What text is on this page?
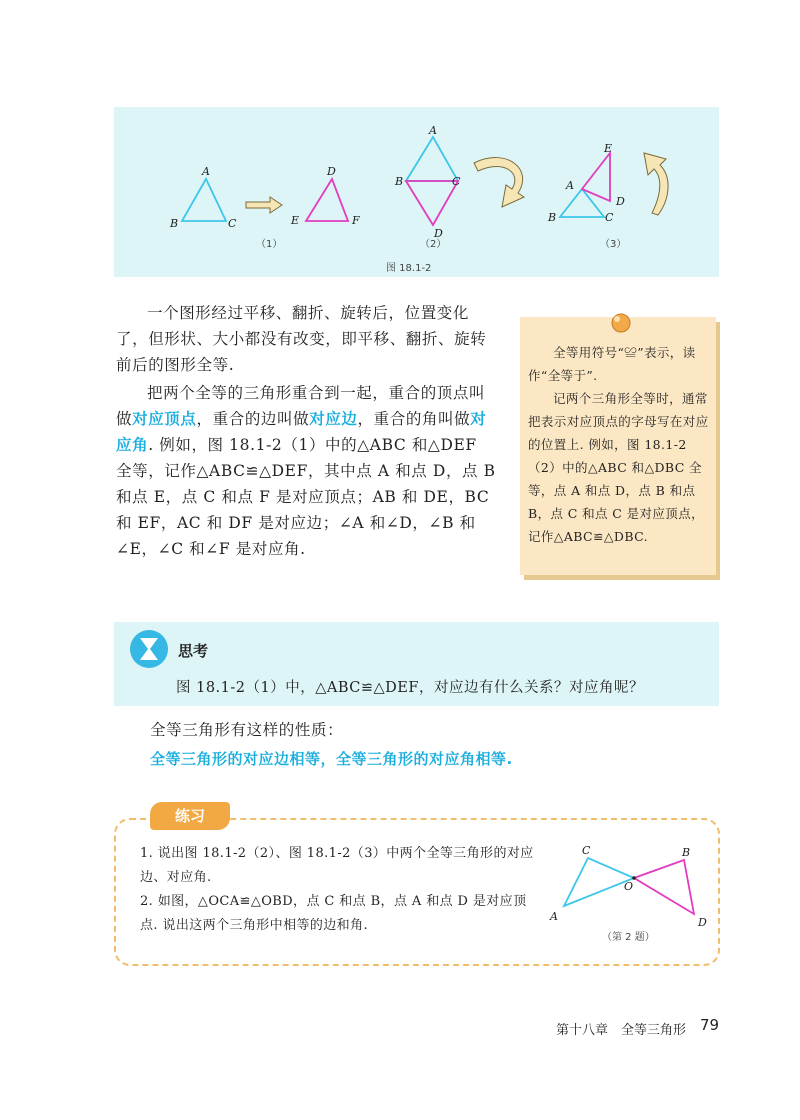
A
B	C
D
E	F
（1）
A
B	C
D
（2）
E
A
D
B	C
（3）
图 18.1-2
一个图形经过平移、翻折、旋转后，位置变化了，但形状、大小都没有改变，即平移、翻折、旋转前后的图形全等.
把两个全等的三角形重合到一起，重合的顶点叫做对应顶点，重合的边叫做对应边，重合的角叫做对应角. 例如，图 18.1-2（1）中的△ABC 和△DEF 全等，记作△ABC≌△DEF，其中点 A 和点 D，点 B 和点 E，点 C 和点 F 是对应顶点；AB 和 DE，BC 和 EF，AC 和 DF 是对应边；∠A 和∠D，∠B 和∠E，∠C 和∠F 是对应角.
全等用符号“≌”表示，读作“全等于”.
记两个三角形全等时，通常把表示对应顶点的字母写在对应的位置上. 例如，图 18.1-2（2）中的△ABC 和△DBC 全等，点 A 和点 D，点 B 和点 B，点 C 和点 C 是对应顶点，记作△ABC≌△DBC.
思考
图 18.1-2（1）中，△ABC≌△DEF，对应边有什么关系？对应角呢？
全等三角形有这样的性质：
全等三角形的对应边相等，全等三角形的对应角相等.
练习
1. 说出图 18.1-2（2）、图 18.1-2（3）中两个全等三角形的对应边、对应角.
2. 如图，△OCA≌△OBD，点 C 和点 B，点 A 和点 D 是对应顶点. 说出这两个三角形中相等的边和角.
C	B
O
A	D
（第 2 题）
第十八章　全等三角形 79
